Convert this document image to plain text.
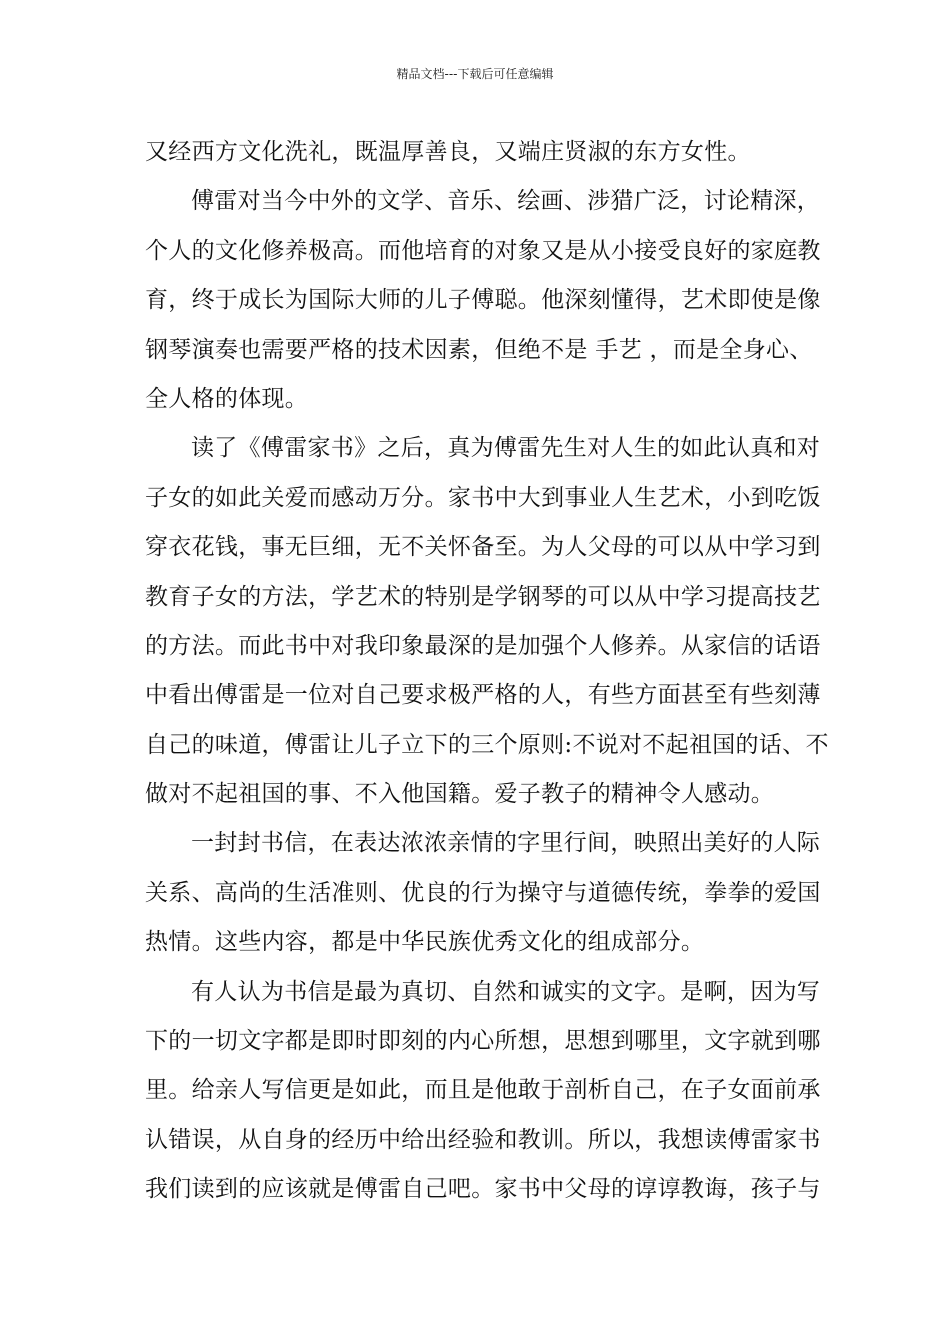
精品文档---下载后可任意编辑
又经西方文化洗礼，既温厚善良，又端庄贤淑的东方女性。
傅雷对当今中外的文学、音乐、绘画、涉猎广泛，讨论精深，
个人的文化修养极高。而他培育的对象又是从小接受良好的家庭教
育，终于成长为国际大师的儿子傅聪。他深刻懂得，艺术即使是像
钢琴演奏也需要严格的技术因素，但绝不是 手艺 ，而是全身心、
全人格的体现。
读了《傅雷家书》之后，真为傅雷先生对人生的如此认真和对
子女的如此关爱而感动万分。家书中大到事业人生艺术，小到吃饭
穿衣花钱，事无巨细，无不关怀备至。为人父母的可以从中学习到
教育子女的方法，学艺术的特别是学钢琴的可以从中学习提高技艺
的方法。而此书中对我印象最深的是加强个人修养。从家信的话语
中看出傅雷是一位对自己要求极严格的人，有些方面甚至有些刻薄
自己的味道，傅雷让儿子立下的三个原则:不说对不起祖国的话、不
做对不起祖国的事、不入他国籍。爱子教子的精神令人感动。
一封封书信，在表达浓浓亲情的字里行间，映照出美好的人际
关系、高尚的生活准则、优良的行为操守与道德传统，拳拳的爱国
热情。这些内容，都是中华民族优秀文化的组成部分。
有人认为书信是最为真切、自然和诚实的文字。是啊，因为写
下的一切文字都是即时即刻的内心所想，思想到哪里，文字就到哪
里。给亲人写信更是如此，而且是他敢于剖析自己，在子女面前承
认错误，从自身的经历中给出经验和教训。所以，我想读傅雷家书
我们读到的应该就是傅雷自己吧。家书中父母的谆谆教诲，孩子与
